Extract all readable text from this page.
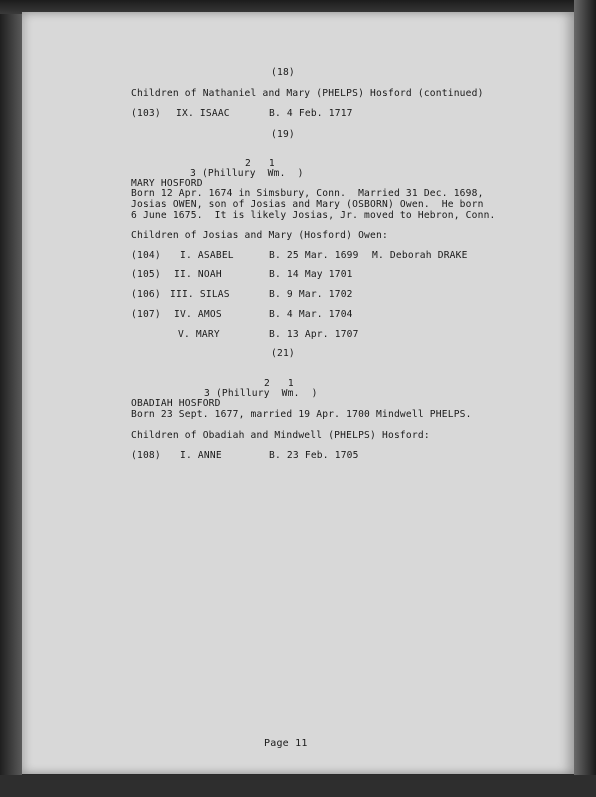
(18)
Children of Nathaniel and Mary (PHELPS) Hosford (continued)
(103) IX. ISAAC	B. 4 Feb. 1717
(19)
2   1
3 (Phillury  Wm.  )
MARY HOSFORD
Born 12 Apr. 1674 in Simsbury, Conn.  Married 31 Dec. 1698,
Josias OWEN, son of Josias and Mary (OSBORN) Owen.  He born
6 June 1675.  It is likely Josias, Jr. moved to Hebron, Conn.
Children of Josias and Mary (Hosford) Owen:
(104) I. ASABEL	B. 25 Mar. 1699 M. Deborah DRAKE
(105) II. NOAH	B. 14 May 1701
(106) III. SILAS	B. 9 Mar. 1702
(107) IV. AMOS	B. 4 Mar. 1704
V. MARY	B. 13 Apr. 1707
(21)
2   1
3 (Phillury  Wm.  )
OBADIAH HOSFORD
Born 23 Sept. 1677, married 19 Apr. 1700 Mindwell PHELPS.
Children of Obadiah and Mindwell (PHELPS) Hosford:
(108) I. ANNE	B. 23 Feb. 1705
Page 11
